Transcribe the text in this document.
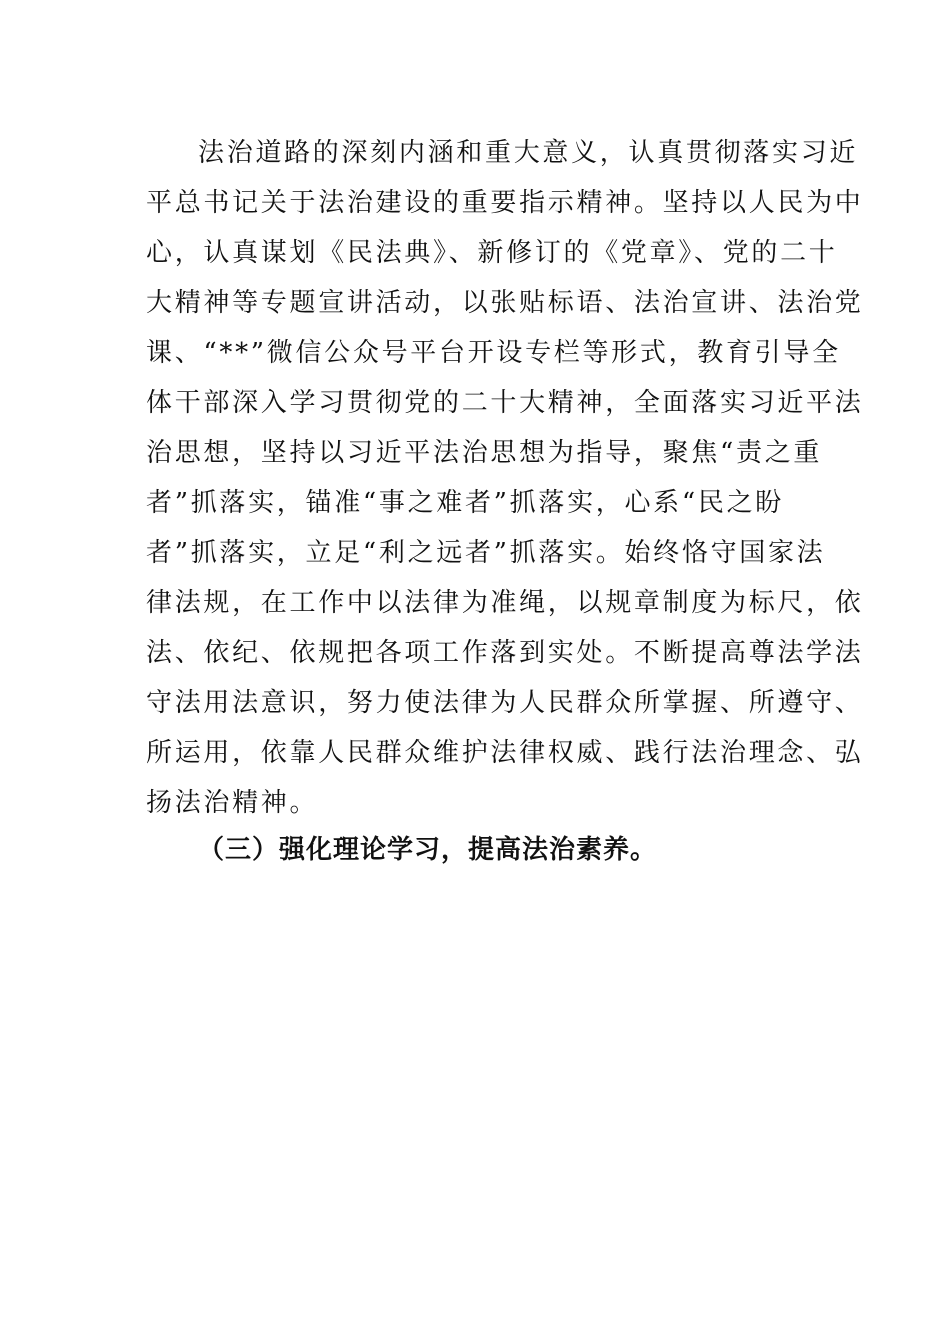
法治道路的深刻内涵和重大意义，认真贯彻落实习近
平总书记关于法治建设的重要指示精神。坚持以人民为中
心，认真谋划《民法典》、新修订的《党章》、党的二十
大精神等专题宣讲活动，以张贴标语、法治宣讲、法治党
课、“**”微信公众号平台开设专栏等形式，教育引导全
体干部深入学习贯彻党的二十大精神，全面落实习近平法
治思想，坚持以习近平法治思想为指导，聚焦“责之重
者”抓落实，锚准“事之难者”抓落实，心系“民之盼
者”抓落实，立足“利之远者”抓落实。始终恪守国家法
律法规，在工作中以法律为准绳，以规章制度为标尺，依
法、依纪、依规把各项工作落到实处。不断提高尊法学法
守法用法意识，努力使法律为人民群众所掌握、所遵守、
所运用，依靠人民群众维护法律权威、践行法治理念、弘
扬法治精神。
（三）强化理论学习，提高法治素养。
